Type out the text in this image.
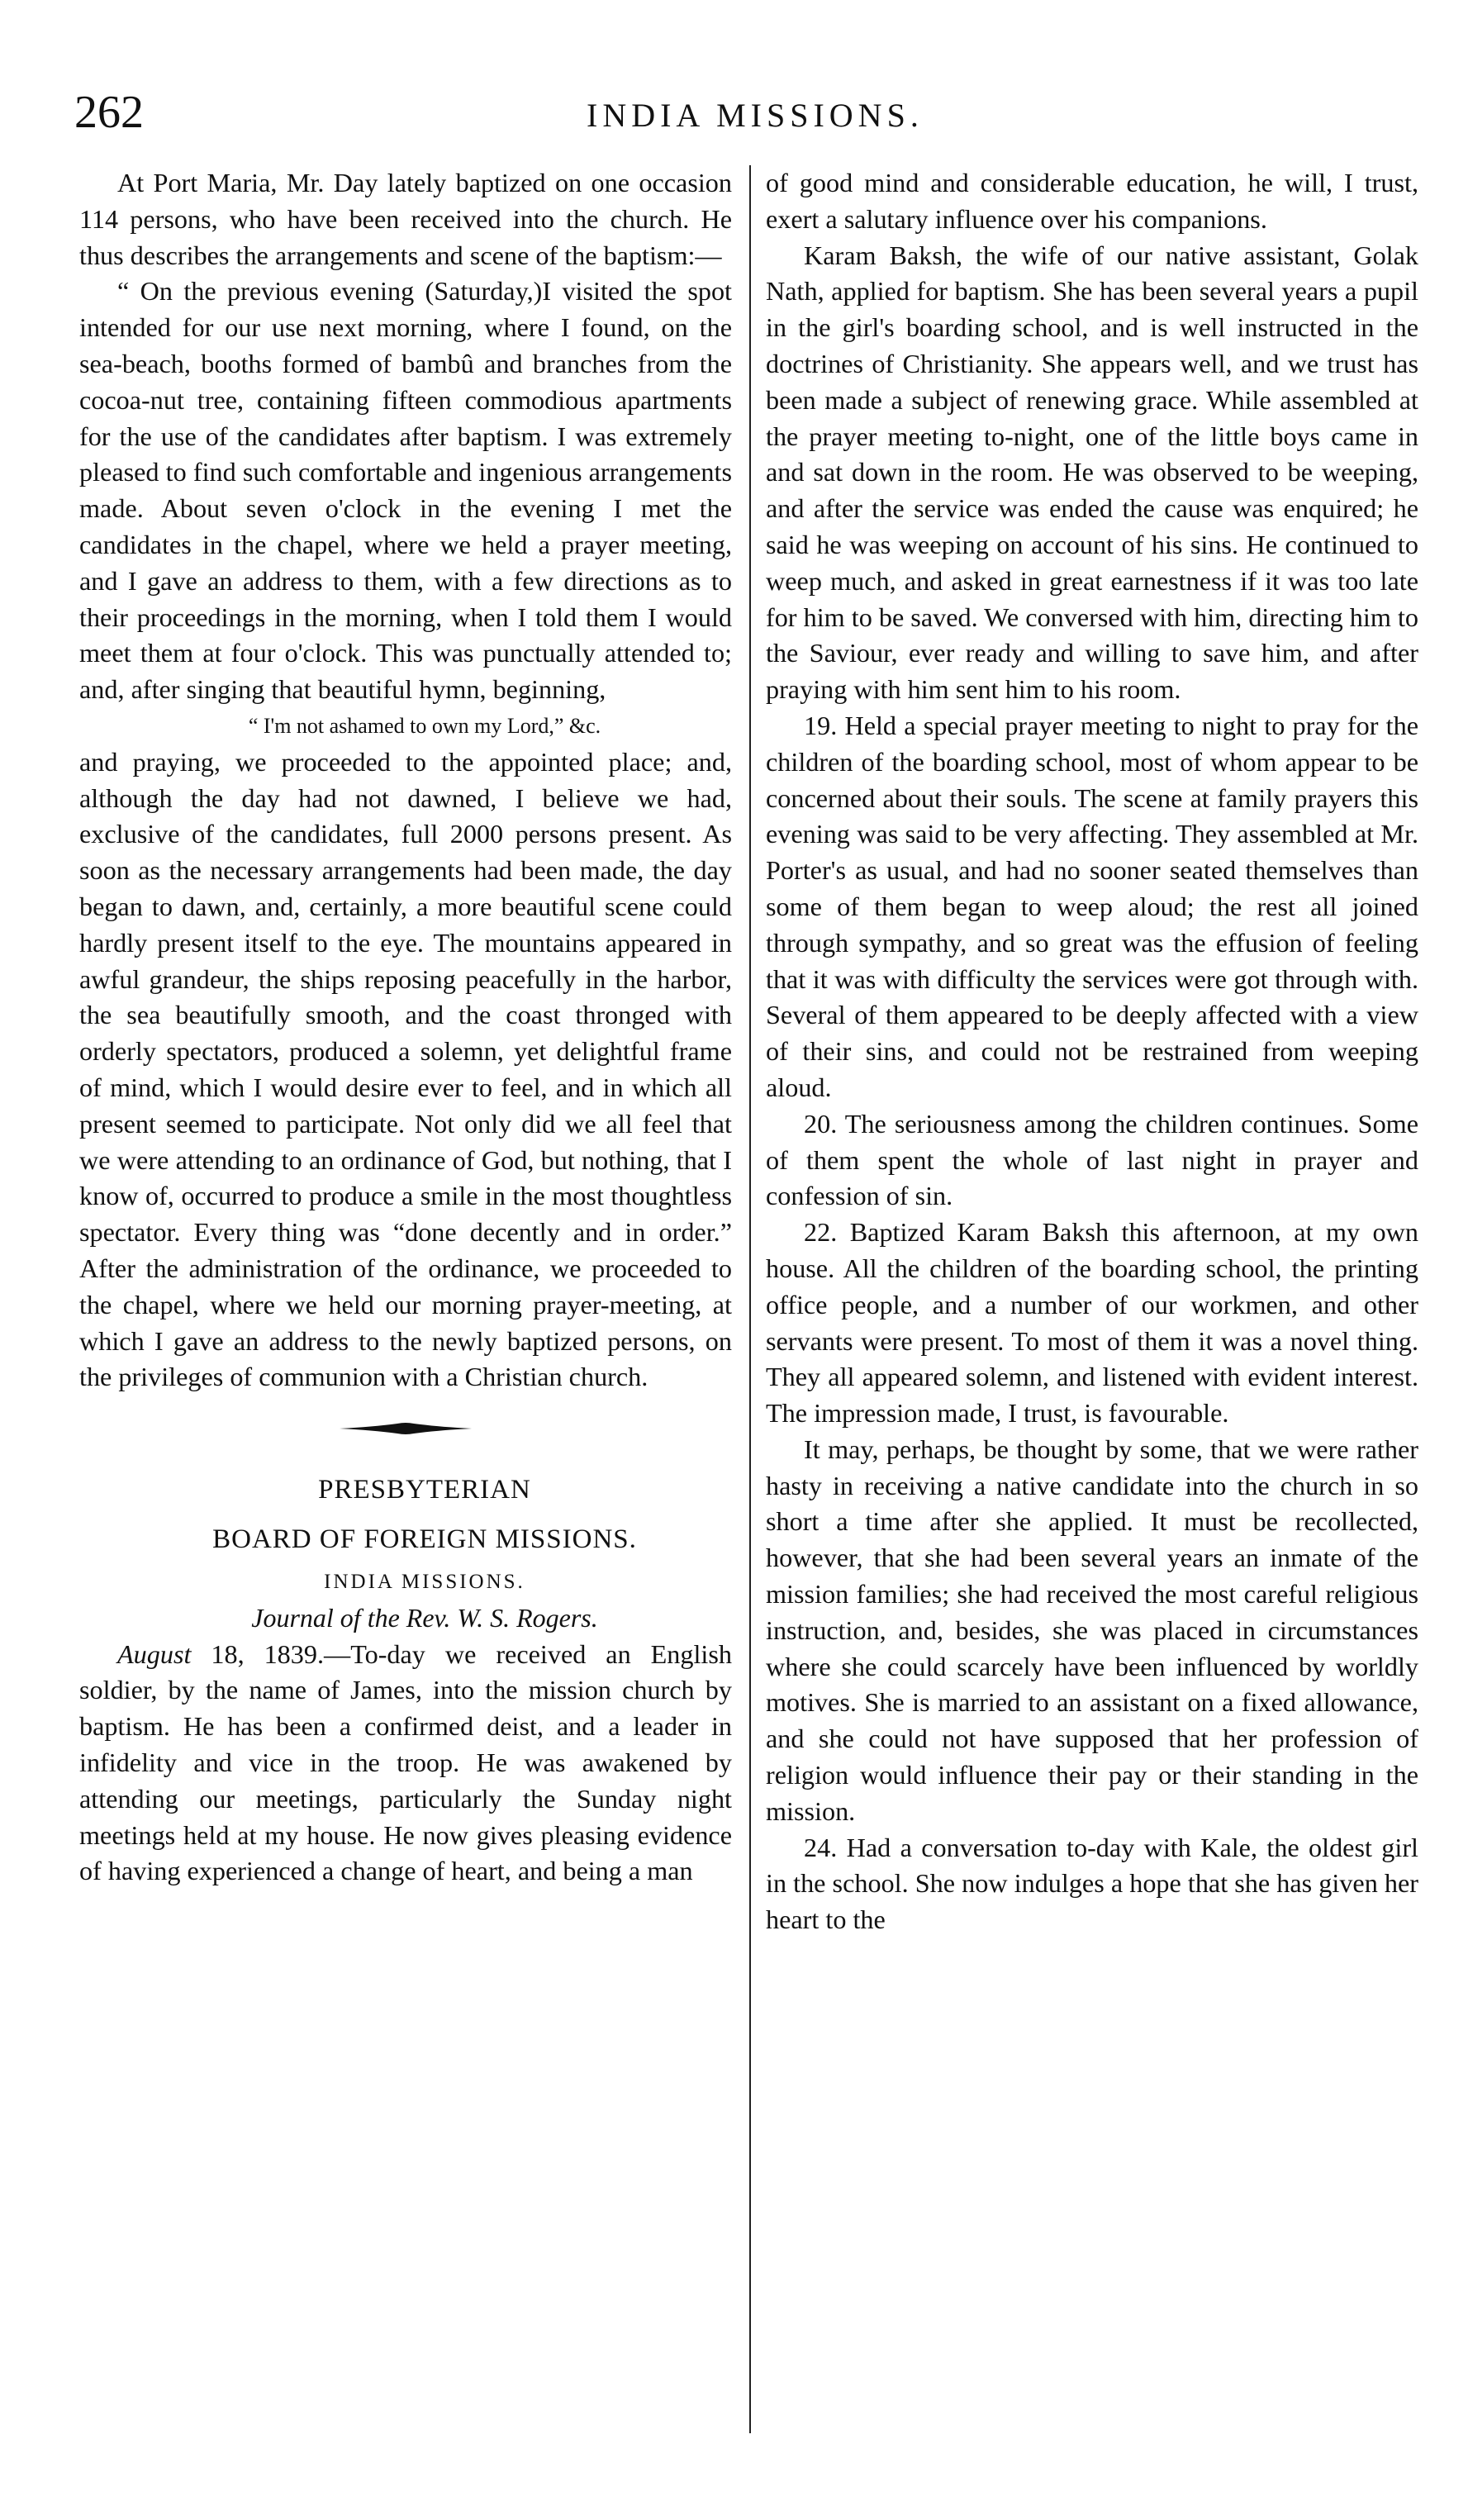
262	INDIA MISSIONS.

At Port Maria, Mr. Day lately baptized on one occasion 114 persons, who have been received into the church. He thus describes the arrangements and scene of the baptism:—

“ On the previous evening (Saturday,)I visited the spot intended for our use next morning, where I found, on the sea-beach, booths formed of bambû and branches from the cocoa-nut tree, containing fifteen commodious apartments for the use of the candidates after baptism. I was extremely pleased to find such comfortable and ingenious arrangements made. About seven o'clock in the evening I met the candidates in the chapel, where we held a prayer meeting, and I gave an address to them, with a few directions as to their proceedings in the morning, when I told them I would meet them at four o'clock. This was punctually attended to; and, after singing that beautiful hymn, beginning,

“ I'm not ashamed to own my Lord,” &c.

and praying, we proceeded to the appointed place; and, although the day had not dawned, I believe we had, exclusive of the candidates, full 2000 persons present. As soon as the necessary arrangements had been made, the day began to dawn, and, certainly, a more beautiful scene could hardly present itself to the eye. The mountains appeared in awful grandeur, the ships reposing peacefully in the harbor, the sea beautifully smooth, and the coast thronged with orderly spectators, produced a solemn, yet delightful frame of mind, which I would desire ever to feel, and in which all present seemed to participate. Not only did we all feel that we were attending to an ordinance of God, but nothing, that I know of, occurred to produce a smile in the most thoughtless spectator. Every thing was “done decently and in order.” After the administration of the ordinance, we proceeded to the chapel, where we held our morning prayer-meeting, at which I gave an address to the newly baptized persons, on the privileges of communion with a Christian church.

PRESBYTERIAN

BOARD OF FOREIGN MISSIONS.

INDIA MISSIONS.

Journal of the Rev. W. S. Rogers.

August 18, 1839.—To-day we received an English soldier, by the name of James, into the mission church by baptism. He has been a confirmed deist, and a leader in infidelity and vice in the troop. He was awakened by attending our meetings, particularly the Sunday night meetings held at my house. He now gives pleasing evidence of having experienced a change of heart, and being a man

of good mind and considerable education, he will, I trust, exert a salutary influence over his companions.

Karam Baksh, the wife of our native assistant, Golak Nath, applied for baptism. She has been several years a pupil in the girl's boarding school, and is well instructed in the doctrines of Christianity. She appears well, and we trust has been made a subject of renewing grace. While assembled at the prayer meeting to-night, one of the little boys came in and sat down in the room. He was observed to be weeping, and after the service was ended the cause was enquired; he said he was weeping on account of his sins. He continued to weep much, and asked in great earnestness if it was too late for him to be saved. We conversed with him, directing him to the Saviour, ever ready and willing to save him, and after praying with him sent him to his room.

19. Held a special prayer meeting to night to pray for the children of the boarding school, most of whom appear to be concerned about their souls. The scene at family prayers this evening was said to be very affecting. They assembled at Mr. Porter's as usual, and had no sooner seated themselves than some of them began to weep aloud; the rest all joined through sympathy, and so great was the effusion of feeling that it was with difficulty the services were got through with. Several of them appeared to be deeply affected with a view of their sins, and could not be restrained from weeping aloud.

20. The seriousness among the children continues. Some of them spent the whole of last night in prayer and confession of sin.

22. Baptized Karam Baksh this afternoon, at my own house. All the children of the boarding school, the printing office people, and a number of our workmen, and other servants were present. To most of them it was a novel thing. They all appeared solemn, and listened with evident interest. The impression made, I trust, is favourable.

It may, perhaps, be thought by some, that we were rather hasty in receiving a native candidate into the church in so short a time after she applied. It must be recollected, however, that she had been several years an inmate of the mission families; she had received the most careful religious instruction, and, besides, she was placed in circumstances where she could scarcely have been influenced by worldly motives. She is married to an assistant on a fixed allowance, and she could not have supposed that her profession of religion would influence their pay or their standing in the mission.

24. Had a conversation to-day with Kale, the oldest girl in the school. She now indulges a hope that she has given her heart to the
